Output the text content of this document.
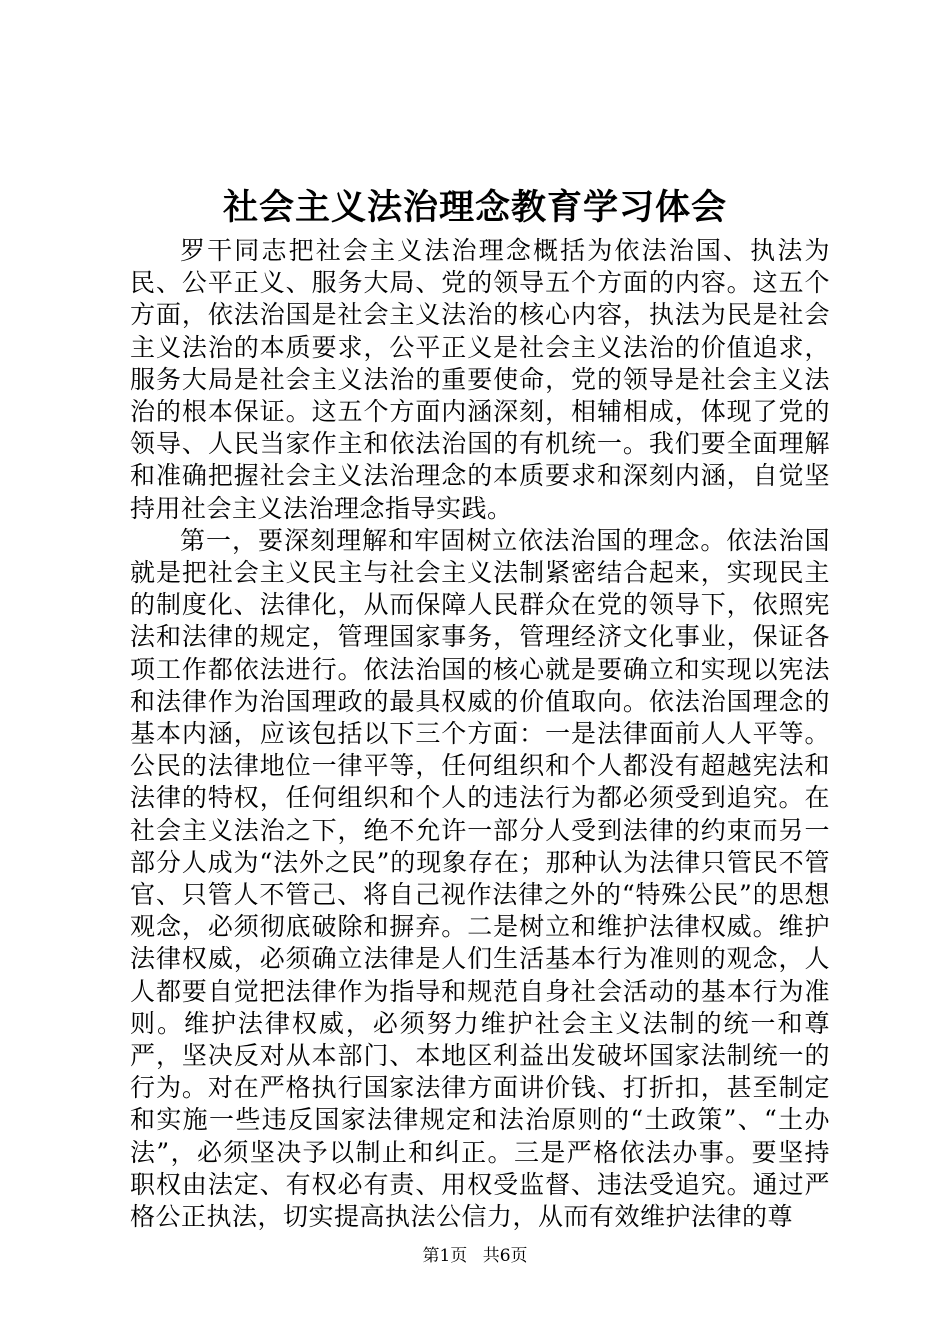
社会主义法治理念教育学习体会

罗干同志把社会主义法治理念概括为依法治国、执法为民、公平正义、服务大局、党的领导五个方面的内容。这五个方面，依法治国是社会主义法治的核心内容，执法为民是社会主义法治的本质要求，公平正义是社会主义法治的价值追求，服务大局是社会主义法治的重要使命，党的领导是社会主义法治的根本保证。这五个方面内涵深刻，相辅相成，体现了党的领导、人民当家作主和依法治国的有机统一。我们要全面理解和准确把握社会主义法治理念的本质要求和深刻内涵，自觉坚持用社会主义法治理念指导实践。

第一，要深刻理解和牢固树立依法治国的理念。依法治国就是把社会主义民主与社会主义法制紧密结合起来，实现民主的制度化、法律化，从而保障人民群众在党的领导下，依照宪法和法律的规定，管理国家事务，管理经济文化事业，保证各项工作都依法进行。依法治国的核心就是要确立和实现以宪法和法律作为治国理政的最具权威的价值取向。依法治国理念的基本内涵，应该包括以下三个方面：一是法律面前人人平等。公民的法律地位一律平等，任何组织和个人都没有超越宪法和法律的特权，任何组织和个人的违法行为都必须受到追究。在社会主义法治之下，绝不允许一部分人受到法律的约束而另一部分人成为“法外之民”的现象存在；那种认为法律只管民不管官、只管人不管己、将自己视作法律之外的“特殊公民”的思想观念，必须彻底破除和摒弃。二是树立和维护法律权威。维护法律权威，必须确立法律是人们生活基本行为准则的观念，人人都要自觉把法律作为指导和规范自身社会活动的基本行为准则。维护法律权威，必须努力维护社会主义法制的统一和尊严，坚决反对从本部门、本地区利益出发破坏国家法制统一的行为。对在严格执行国家法律方面讲价钱、打折扣，甚至制定和实施一些违反国家法律规定和法治原则的“土政策”、“土办法”，必须坚决予以制止和纠正。三是严格依法办事。要坚持职权由法定、有权必有责、用权受监督、违法受追究。通过严格公正执法，切实提高执法公信力，从而有效维护法律的尊

第1页 共6页
